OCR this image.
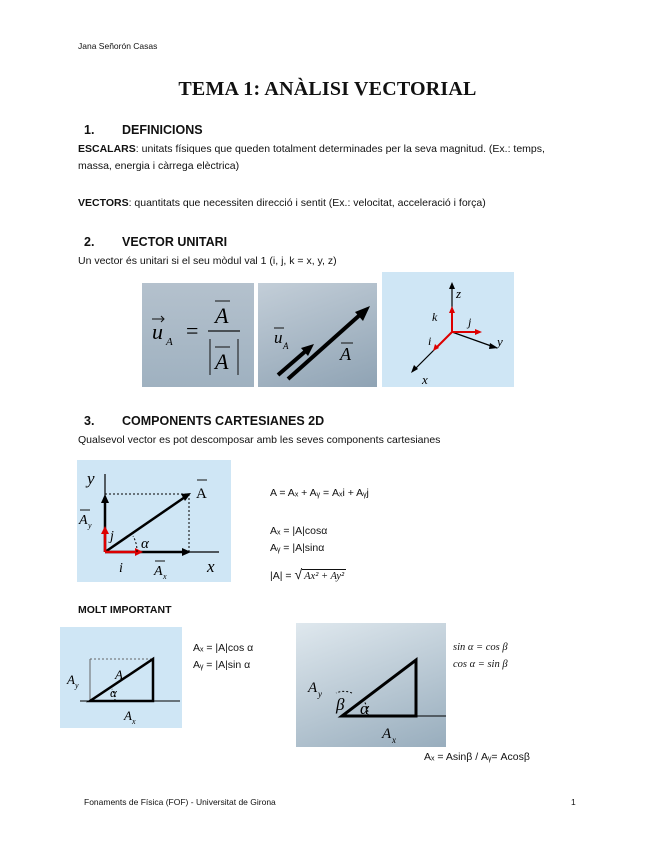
Jana Señorón Casas
TEMA 1: ANÀLISI VECTORIAL
1. DEFINICIONS
ESCALARS: unitats físiques que queden totalment determinades per la seva magnitud. (Ex.: temps, massa, energia i càrrega elèctrica)
VECTORS: quantitats que necessiten direcció i sentit (Ex.: velocitat, acceleració i força)
2. VECTOR UNITARI
Un vector és unitari si el seu mòdul val 1 (i, j, k = x, y, z)
u A =
A
A
u A	A
z
y
x
k	j
i
3. COMPONENTS CARTESIANES 2D
Qualsevol vector es pot descomposar amb les seves components cartesianes
y
x
A
A y
A x
i
j α
A = Aₓ + Aᵧ = Aₓi + Aᵧj
Aₓ = |A|cosα
Aᵧ = |A|sinα
|A| = √ Ax² + Ay²
MOLT IMPORTANT
A
A y
A x
α
Aₓ = |A|cos α
Aᵧ = |A|sin α
A y
β α
A x
sin α = cos β
cos α = sin β
Aₓ = Asinβ / Aᵧ= Acosβ
Fonaments de Física (FOF) - Universitat de Girona	1
